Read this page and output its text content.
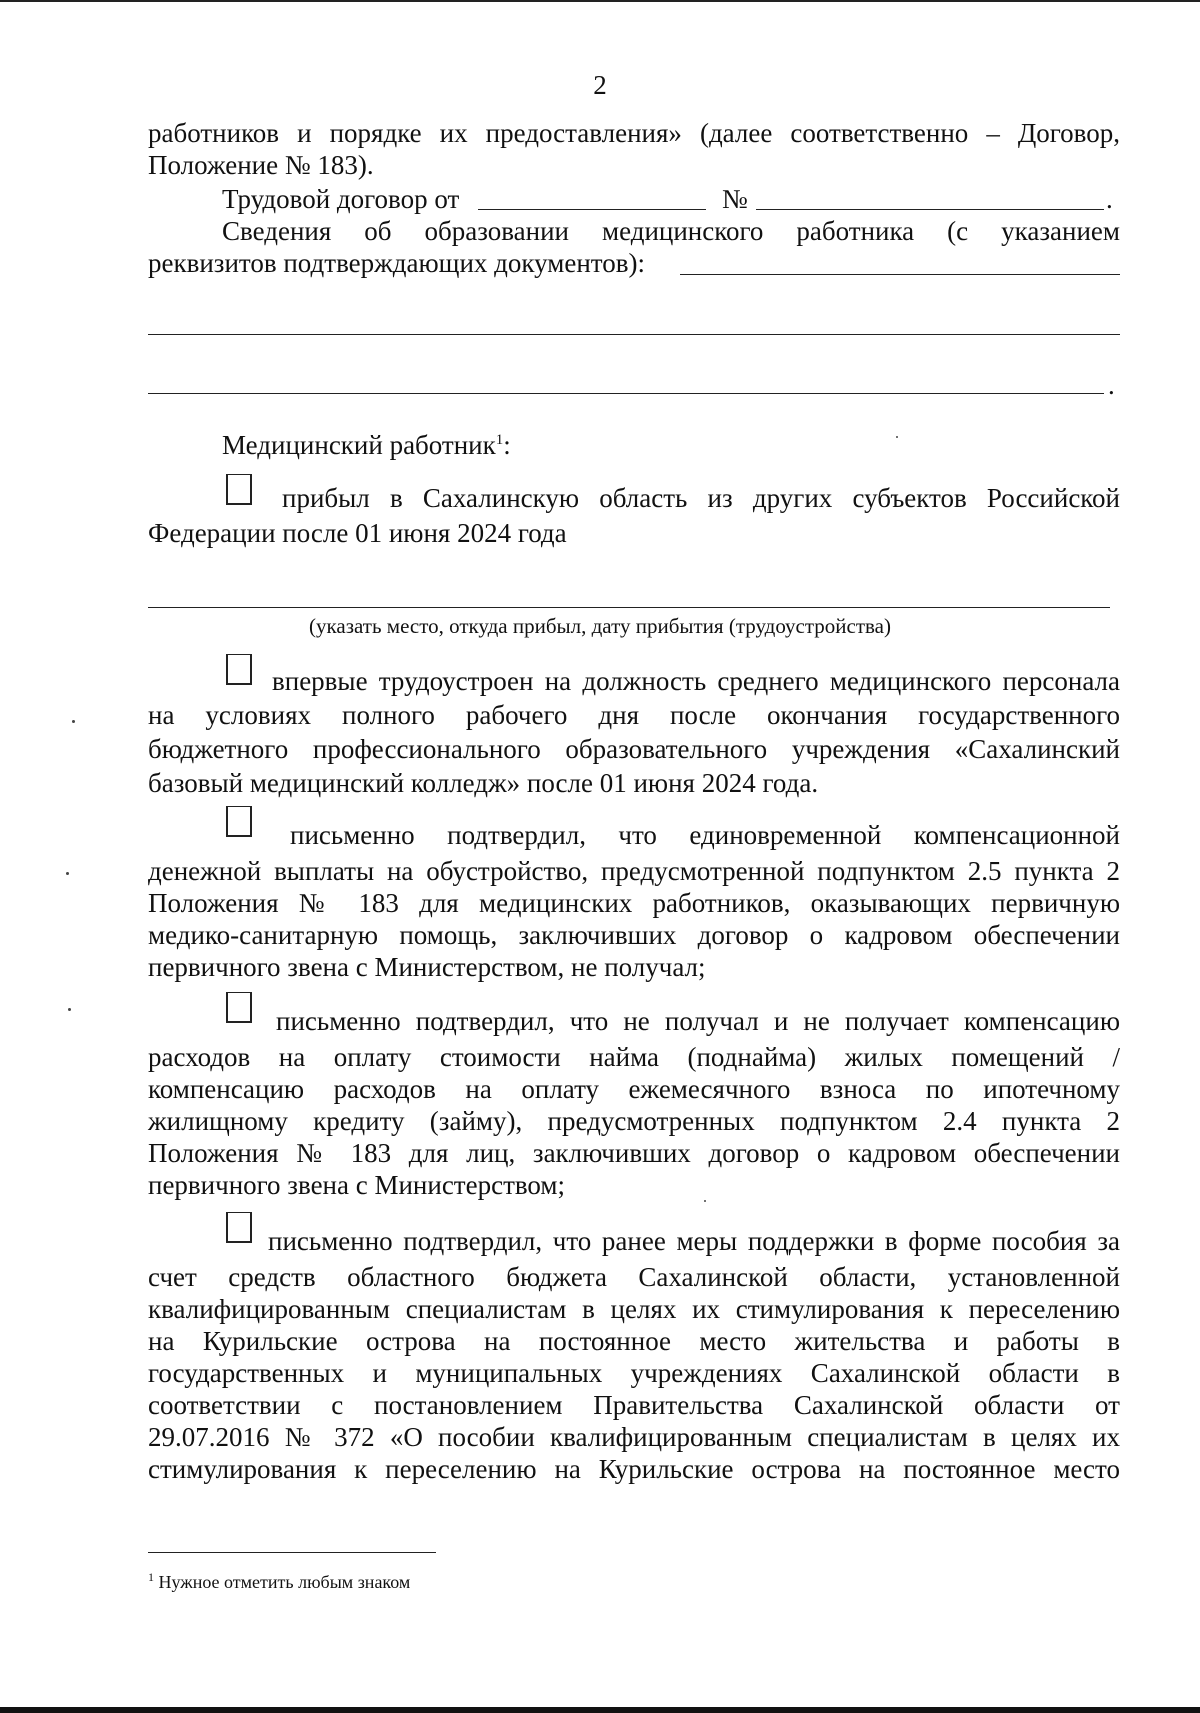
2
работников и порядке их предоставления» (далее соответственно – Договор,
Положение № 183).
Трудовой договор от	№	.
Сведения об образовании медицинского работника (с указанием
реквизитов подтверждающих документов):
.
Медицинский работник$^1$:
прибыл в Сахалинскую область из других субъектов Российской
Федерации после 01 июня 2024 года
(указать место, откуда прибыл, дату прибытия (трудоустройства)
впервые трудоустроен на должность среднего медицинского персонала
на условиях полного рабочего дня после окончания государственного
бюджетного профессионального образовательного учреждения «Сахалинский
базовый медицинский колледж» после 01 июня 2024 года.
письменно подтвердил, что единовременной компенсационной
денежной выплаты на обустройство, предусмотренной подпунктом 2.5 пункта 2
Положения № 183 для медицинских работников, оказывающих первичную
медико-санитарную помощь, заключивших договор о кадровом обеспечении
первичного звена с Министерством, не получал;
письменно подтвердил, что не получал и не получает компенсацию
расходов на оплату стоимости найма (поднайма) жилых помещений /
компенсацию расходов на оплату ежемесячного взноса по ипотечному
жилищному кредиту (займу), предусмотренных подпунктом 2.4 пункта 2
Положения № 183 для лиц, заключивших договор о кадровом обеспечении
первичного звена с Министерством;
письменно подтвердил, что ранее меры поддержки в форме пособия за
счет средств областного бюджета Сахалинской области, установленной
квалифицированным специалистам в целях их стимулирования к переселению
на Курильские острова на постоянное место жительства и работы в
государственных и муниципальных учреждениях Сахалинской области в
соответствии с постановлением Правительства Сахалинской области от
29.07.2016 № 372 «О пособии квалифицированным специалистам в целях их
стимулирования к переселению на Курильские острова на постоянное место
$^1$ Нужное отметить любым знаком
